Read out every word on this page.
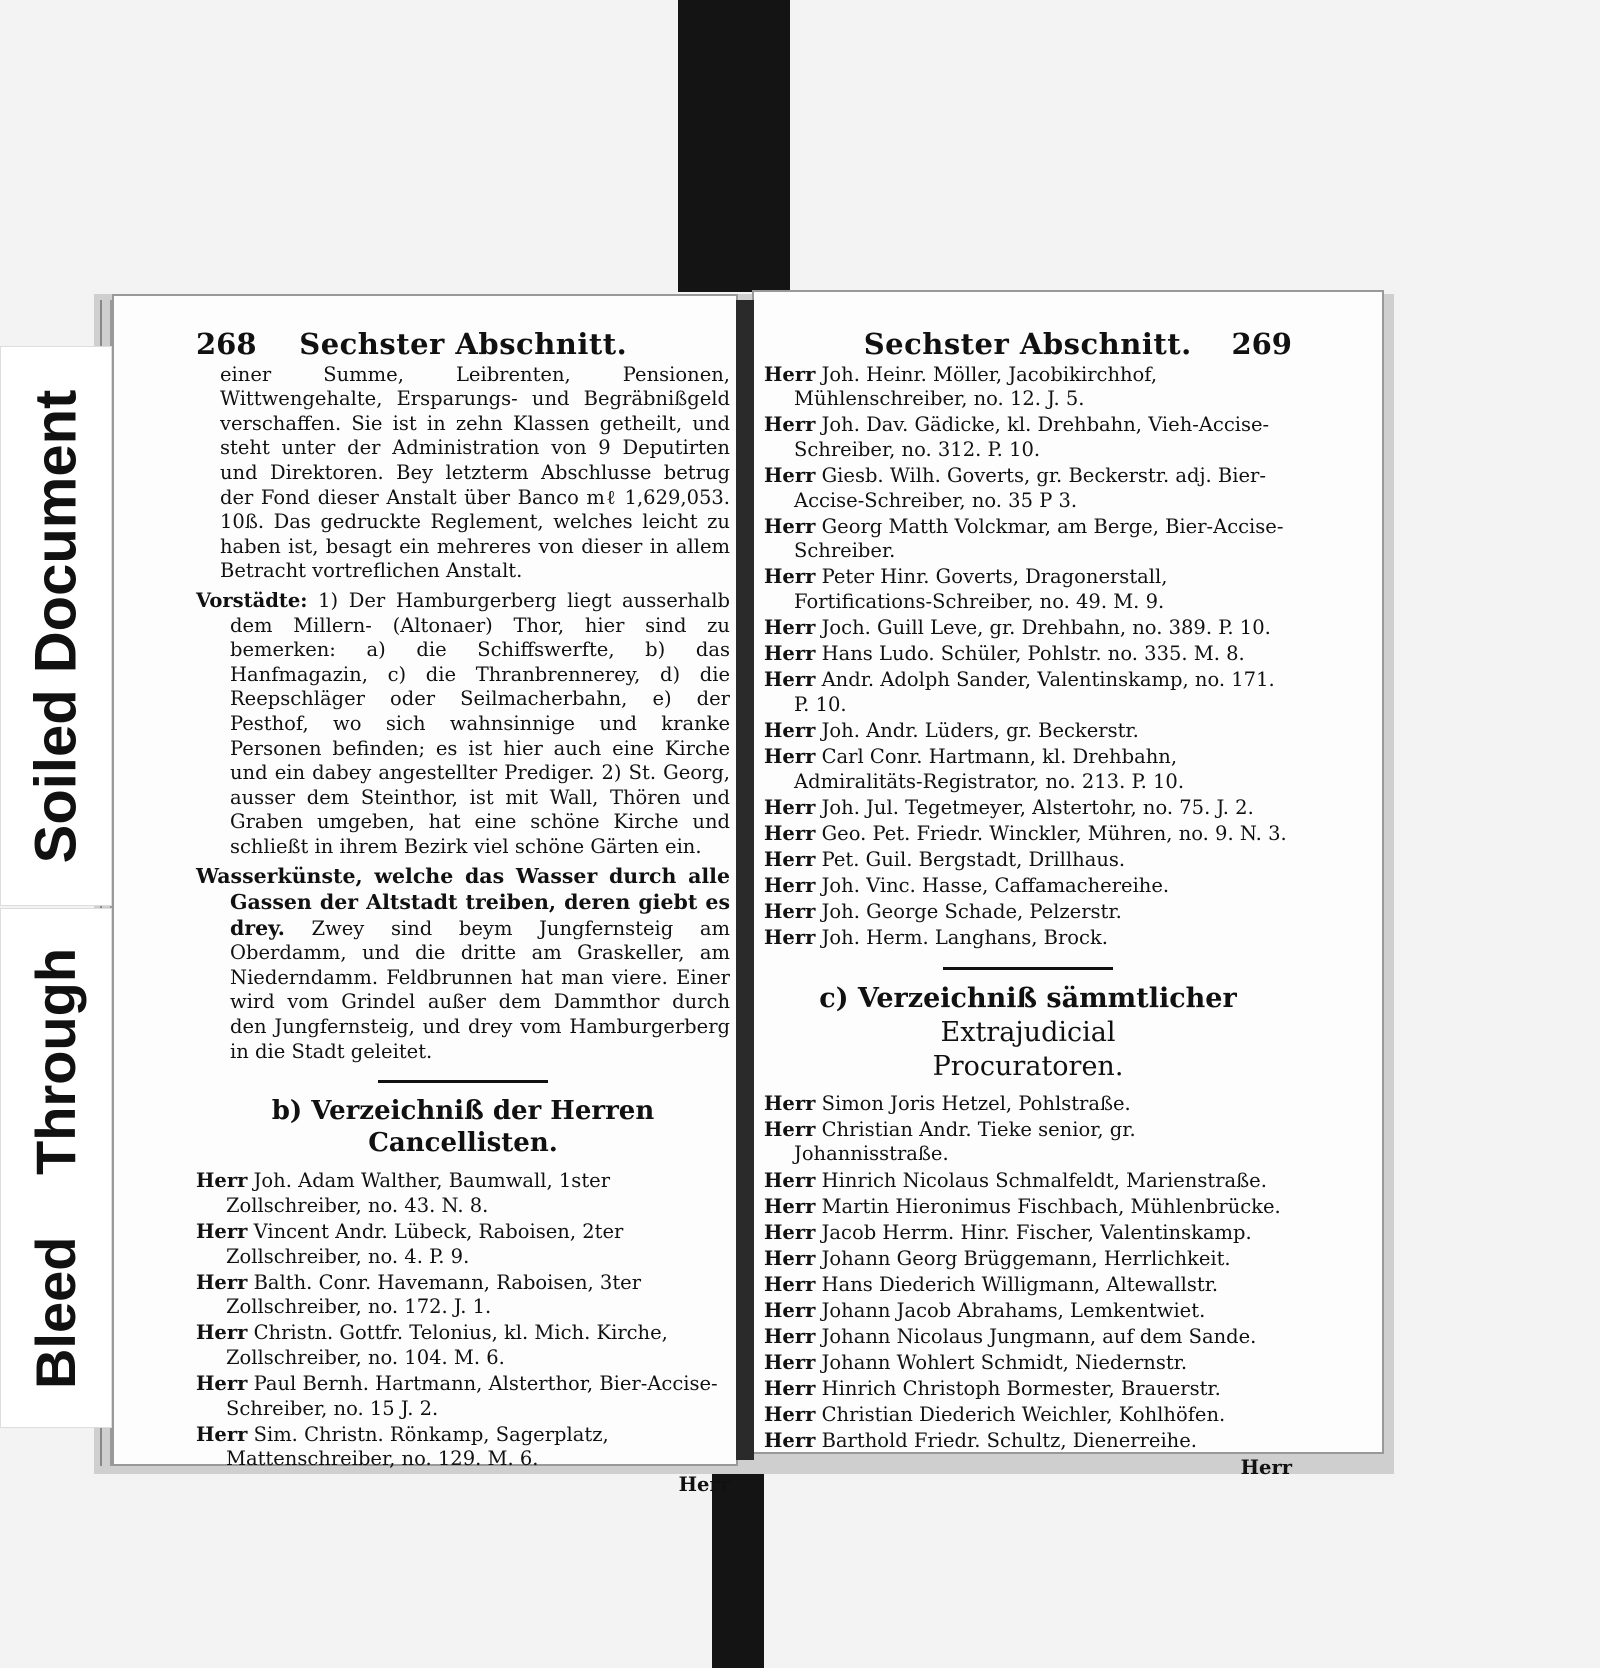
Soiled Document
Bleed Through
268 Sechster Abschnitt.

einer Summe, Leibrenten, Pensionen, Wittwengehalte, Ersparungs- und Begräbnißgeld verschaffen. Sie ist in zehn Klassen getheilt, und steht unter der Administration von 9 Deputirten und Direktoren. Bey letzterm Abschlusse betrug der Fond dieser Anstalt über Banco mℓ 1,629,053. 10ß. Das gedruckte Reglement, welches leicht zu haben ist, besagt ein mehreres von dieser in allem Betracht vortreflichen Anstalt.

Vorstädte: 1) Der Hamburgerberg liegt ausserhalb dem Millern- (Altonaer) Thor, hier sind zu bemerken: a) die Schiffswerfte, b) das Hanfmagazin, c) die Thranbrennerey, d) die Reepschläger oder Seilmacherbahn, e) der Pesthof, wo sich wahnsinnige und kranke Personen befinden; es ist hier auch eine Kirche und ein dabey angestellter Prediger. 2) St. Georg, ausser dem Steinthor, ist mit Wall, Thören und Graben umgeben, hat eine schöne Kirche und schließt in ihrem Bezirk viel schöne Gärten ein.

Wasserkünste, welche das Wasser durch alle Gassen der Altstadt treiben, deren giebt es drey. Zwey sind beym Jungfernsteig am Oberdamm, und die dritte am Graskeller, am Niederndamm. Feldbrunnen hat man viere. Einer wird vom Grindel außer dem Dammthor durch den Jungfernsteig, und drey vom Hamburgerberg in die Stadt geleitet.

b) Verzeichniß der Herren Cancellisten.

Herr Joh. Adam Walther, Baumwall, 1ster Zollschreiber, no. 43. N. 8.

Herr Vincent Andr. Lübeck, Raboisen, 2ter Zollschreiber, no. 4. P. 9.

Herr Balth. Conr. Havemann, Raboisen, 3ter Zollschreiber, no. 172. J. 1.

Herr Christn. Gottfr. Telonius, kl. Mich. Kirche, Zollschreiber, no. 104. M. 6.

Herr Paul Bernh. Hartmann, Alsterthor, Bier-Accise-Schreiber, no. 15 J. 2.

Herr Sim. Christn. Rönkamp, Sagerplatz, Mattenschreiber, no. 129. M. 6.

Herr
Sechster Abschnitt. 269

Herr Joh. Heinr. Möller, Jacobikirchhof, Mühlenschreiber, no. 12. J. 5.

Herr Joh. Dav. Gädicke, kl. Drehbahn, Vieh-Accise-Schreiber, no. 312. P. 10.

Herr Giesb. Wilh. Goverts, gr. Beckerstr. adj. Bier-Accise-Schreiber, no. 35 P 3.

Herr Georg Matth Volckmar, am Berge, Bier-Accise-Schreiber.

Herr Peter Hinr. Goverts, Dragonerstall, Fortifications-Schreiber, no. 49. M. 9.

Herr Joch. Guill Leve, gr. Drehbahn, no. 389. P. 10.

Herr Hans Ludo. Schüler, Pohlstr. no. 335. M. 8.

Herr Andr. Adolph Sander, Valentinskamp, no. 171. P. 10.

Herr Joh. Andr. Lüders, gr. Beckerstr.

Herr Carl Conr. Hartmann, kl. Drehbahn, Admiralitäts-Registrator, no. 213. P. 10.

Herr Joh. Jul. Tegetmeyer, Alstertohr, no. 75. J. 2.

Herr Geo. Pet. Friedr. Winckler, Mühren, no. 9. N. 3.

Herr Pet. Guil. Bergstadt, Drillhaus.

Herr Joh. Vinc. Hasse, Caffamachereihe.

Herr Joh. George Schade, Pelzerstr.

Herr Joh. Herm. Langhans, Brock.

c) Verzeichniß sämmtlicher Extrajudicial
Procuratoren.

Herr Simon Joris Hetzel, Pohlstraße.

Herr Christian Andr. Tieke senior, gr. Johannisstraße.

Herr Hinrich Nicolaus Schmalfeldt, Marienstraße.

Herr Martin Hieronimus Fischbach, Mühlenbrücke.

Herr Jacob Herrm. Hinr. Fischer, Valentinskamp.

Herr Johann Georg Brüggemann, Herrlichkeit.

Herr Hans Diederich Willigmann, Altewallstr.

Herr Johann Jacob Abrahams, Lemkentwiet.

Herr Johann Nicolaus Jungmann, auf dem Sande.

Herr Johann Wohlert Schmidt, Niedernstr.

Herr Hinrich Christoph Bormester, Brauerstr.

Herr Christian Diederich Weichler, Kohlhöfen.

Herr Barthold Friedr. Schultz, Dienerreihe.

Herr
